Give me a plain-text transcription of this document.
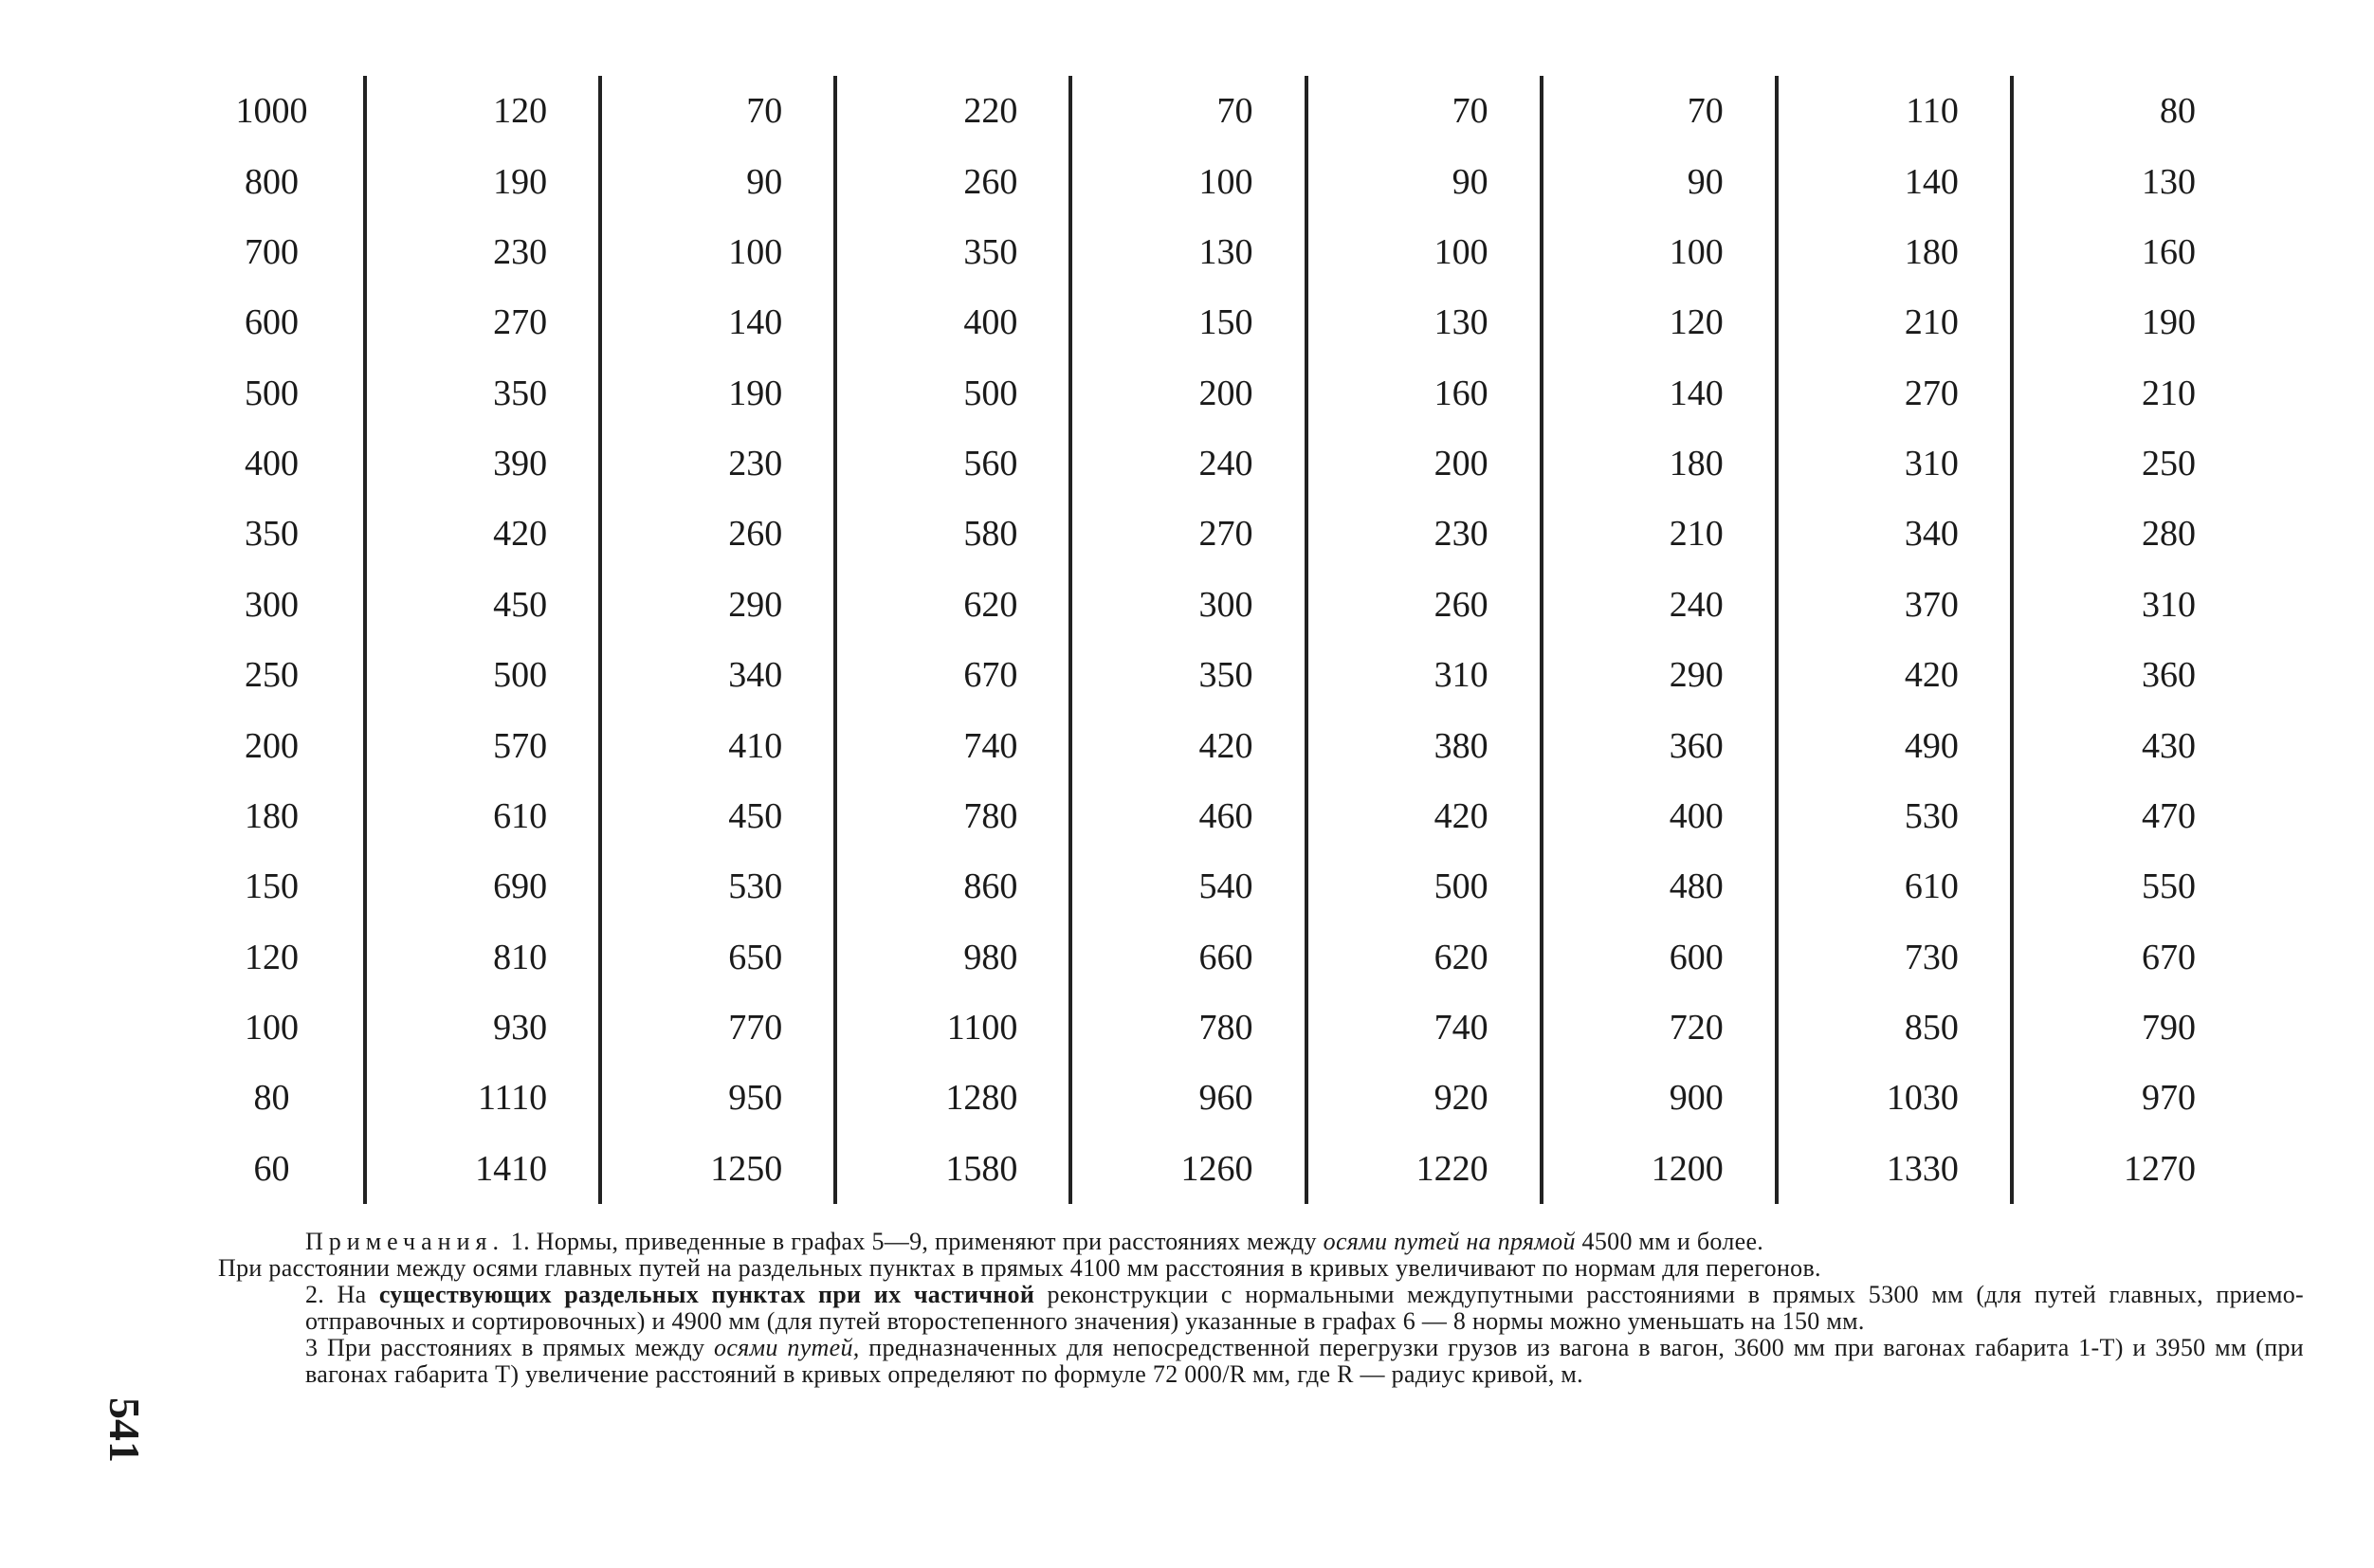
1000	120	70	220	70	70	70	110	80
800	190	90	260	100	90	90	140	130
700	230	100	350	130	100	100	180	160
600	270	140	400	150	130	120	210	190
500	350	190	500	200	160	140	270	210
400	390	230	560	240	200	180	310	250
350	420	260	580	270	230	210	340	280
300	450	290	620	300	260	240	370	310
250	500	340	670	350	310	290	420	360
200	570	410	740	420	380	360	490	430
180	610	450	780	460	420	400	530	470
150	690	530	860	540	500	480	610	550
120	810	650	980	660	620	600	730	670
100	930	770	1100	780	740	720	850	790
80	1110	950	1280	960	920	900	1030	970
60	1410	1250	1580	1260	1220	1200	1330	1270

Примечания. 1. Нормы, приведенные в графах 5—9, применяют при расстояниях между осями путей на прямой 4500 мм и более.

При расстоянии между осями главных путей на раздельных пунктах в прямых 4100 мм расстояния в кривых увеличивают по нормам для перегонов.

2. На существующих раздельных пунктах при их частичной реконструкции с нормальными междупутными расстояниями в прямых 5300 мм (для путей главных, приемо-отправочных и сортировочных) и 4900 мм (для путей второстепенного значения) указанные в графах 6 — 8 нормы можно уменьшать на 150 мм.

3 При расстояниях в прямых между осями путей, предназначенных для непосредственной перегрузки грузов из вагона в вагон, 3600 мм при вагонах габарита 1-Т) и 3950 мм (при вагонах габарита Т) увеличение расстояний в кривых определяют по формуле 72 000/R мм, где R — радиус кривой, м.

541
